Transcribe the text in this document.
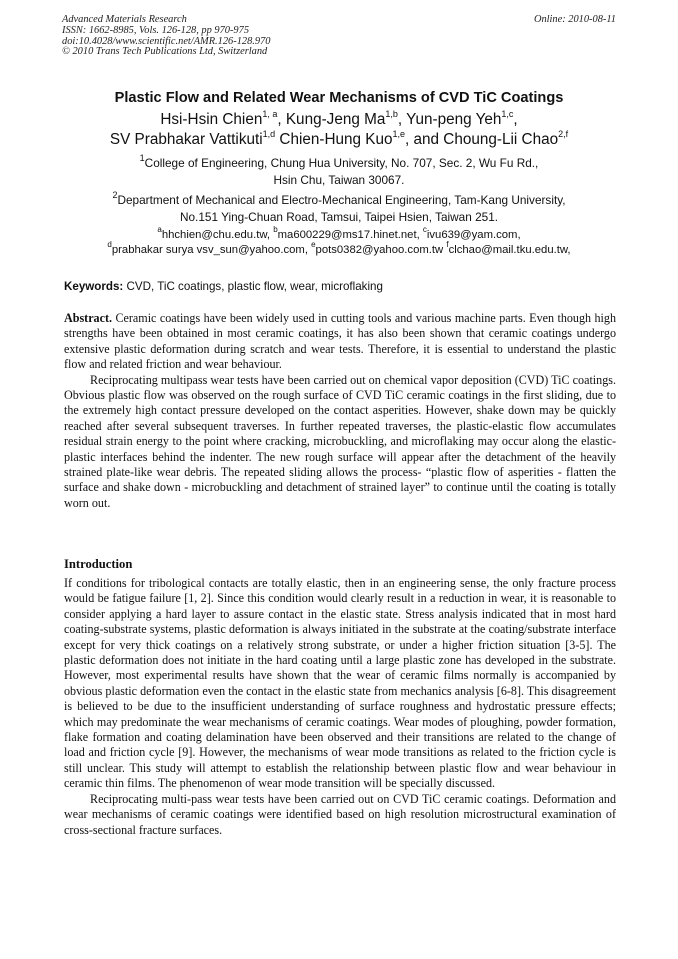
Advanced Materials Research
ISSN: 1662-8985, Vols. 126-128, pp 970-975
doi:10.4028/www.scientific.net/AMR.126-128.970
© 2010 Trans Tech Publications Ltd, Switzerland
Online: 2010-08-11
Plastic Flow and Related Wear Mechanisms of CVD TiC Coatings
Hsi-Hsin Chien$^{1, a}$, Kung-Jeng Ma$^{1,b}$, Yun-peng Yeh$^{1,c}$,
SV Prabhakar Vattikuti$^{1,d}$ Chien-Hung Kuo$^{1,e}$, and Choung-Lii Chao$^{2,f}$
$^1$College of Engineering, Chung Hua University, No. 707, Sec. 2, Wu Fu Rd.,
Hsin Chu, Taiwan 30067.
$^2$Department of Mechanical and Electro-Mechanical Engineering, Tam-Kang University,
No.151 Ying-Chuan Road, Tamsui, Taipei Hsien, Taiwan 251.
$^a$hhchien@chu.edu.tw, $^b$ma600229@ms17.hinet.net, $^c$ivu639@yam.com,
$^d$prabhakar surya vsv_sun@yahoo.com, $^e$pots0382@yahoo.com.tw $^f$clchao@mail.tku.edu.tw,
Keywords: CVD, TiC coatings, plastic flow, wear, microflaking

Abstract. Ceramic coatings have been widely used in cutting tools and various machine parts. Even though high strengths have been obtained in most ceramic coatings, it has also been shown that ceramic coatings undergo extensive plastic deformation during scratch and wear tests. Therefore, it is essential to understand the plastic flow and related friction and wear behaviour.

Reciprocating multipass wear tests have been carried out on chemical vapor deposition (CVD) TiC coatings. Obvious plastic flow was observed on the rough surface of CVD TiC ceramic coatings in the first sliding, due to the extremely high contact pressure developed on the contact asperities. However, shake down may be quickly reached after several subsequent traverses. In further repeated traverses, the plastic-elastic flow accumulates residual strain energy to the point where cracking, microbuckling, and microflaking may occur along the elastic-plastic interfaces behind the indenter. The new rough surface will appear after the detachment of the heavily strained plate-like wear debris. The repeated sliding allows the process- “plastic flow of asperities - flatten the surface and shake down - microbuckling and detachment of strained layer” to continue until the coating is totally worn out.

Introduction

If conditions for tribological contacts are totally elastic, then in an engineering sense, the only fracture process would be fatigue failure [1, 2]. Since this condition would clearly result in a reduction in wear, it is reasonable to consider applying a hard layer to assure contact in the elastic state. Stress analysis indicated that in most hard coating-substrate systems, plastic deformation is always initiated in the substrate at the coating/substrate interface except for very thick coatings on a relatively strong substrate, or under a higher friction situation [3-5]. The plastic deformation does not initiate in the hard coating until a large plastic zone has developed in the substrate. However, most experimental results have shown that the wear of ceramic films normally is accompanied by obvious plastic deformation even the contact in the elastic state from mechanics analysis [6-8]. This disagreement is believed to be due to the insufficient understanding of surface roughness and hydrostatic pressure effects; which may predominate the wear mechanisms of ceramic coatings. Wear modes of ploughing, powder formation, flake formation and coating delamination have been observed and their transitions are related to the change of load and friction cycle [9]. However, the mechanisms of wear mode transitions as related to the friction cycle is still unclear. This study will attempt to establish the relationship between plastic flow and wear behaviour in ceramic thin films. The phenomenon of wear mode transition will be specially discussed.

Reciprocating multi-pass wear tests have been carried out on CVD TiC ceramic coatings. Deformation and wear mechanisms of ceramic coatings were identified based on high resolution microstructural examination of cross-sectional fracture surfaces.
